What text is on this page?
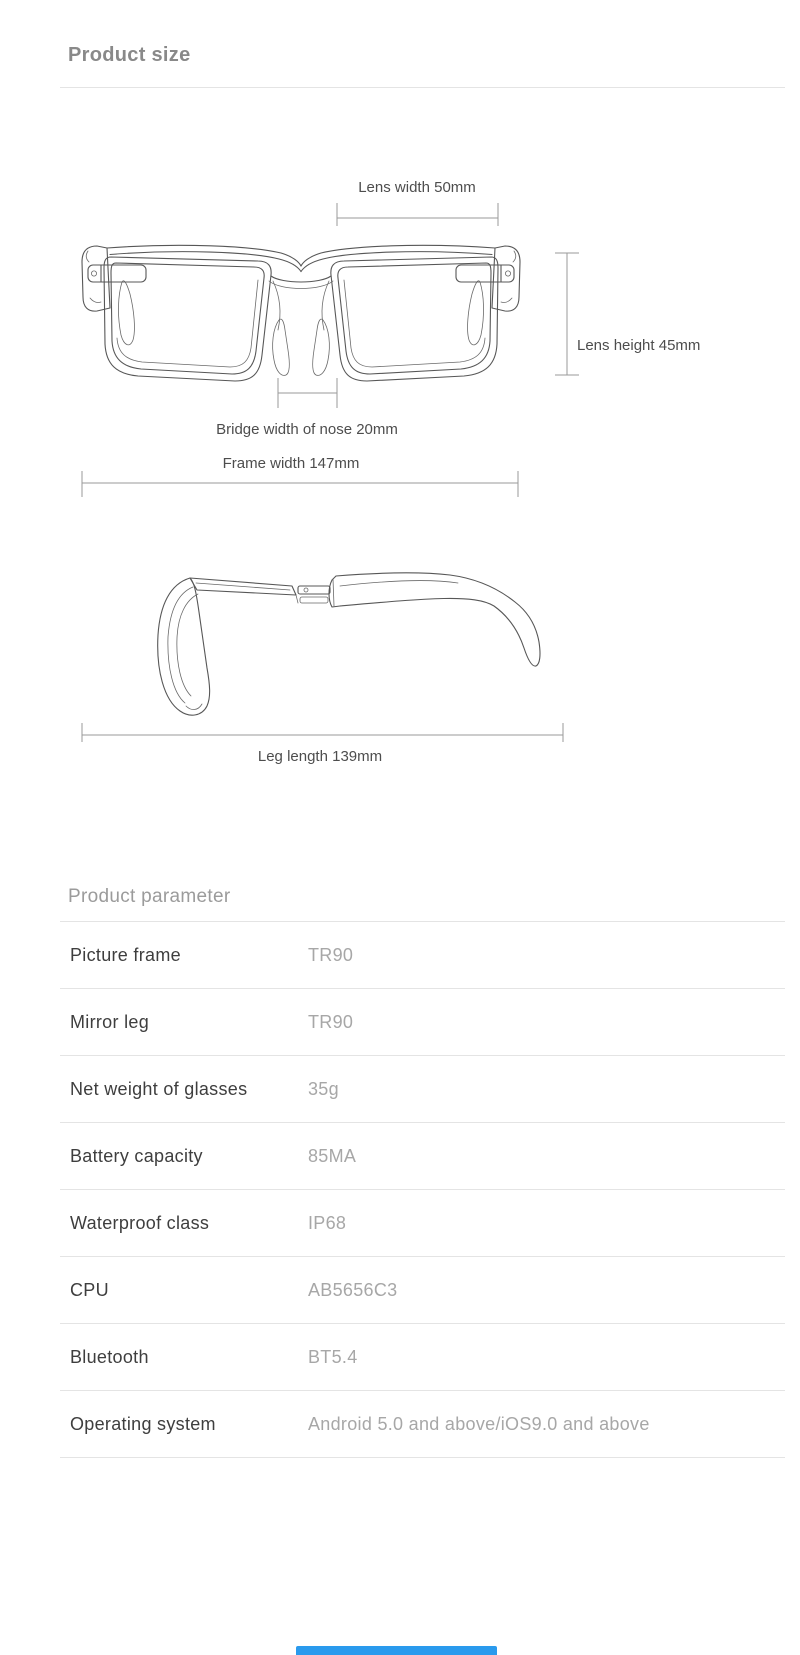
Product size
Lens width 50mm
Lens height 45mm
Bridge width of nose 20mm
Frame width 147mm
Leg length 139mm
Product parameter
Picture frame	TR90
Mirror leg	TR90
Net weight of glasses	35g
Battery capacity	85MA
Waterproof class	IP68
CPU	AB5656C3
Bluetooth	BT5.4
Operating system	Android 5.0 and above/iOS9.0 and above
